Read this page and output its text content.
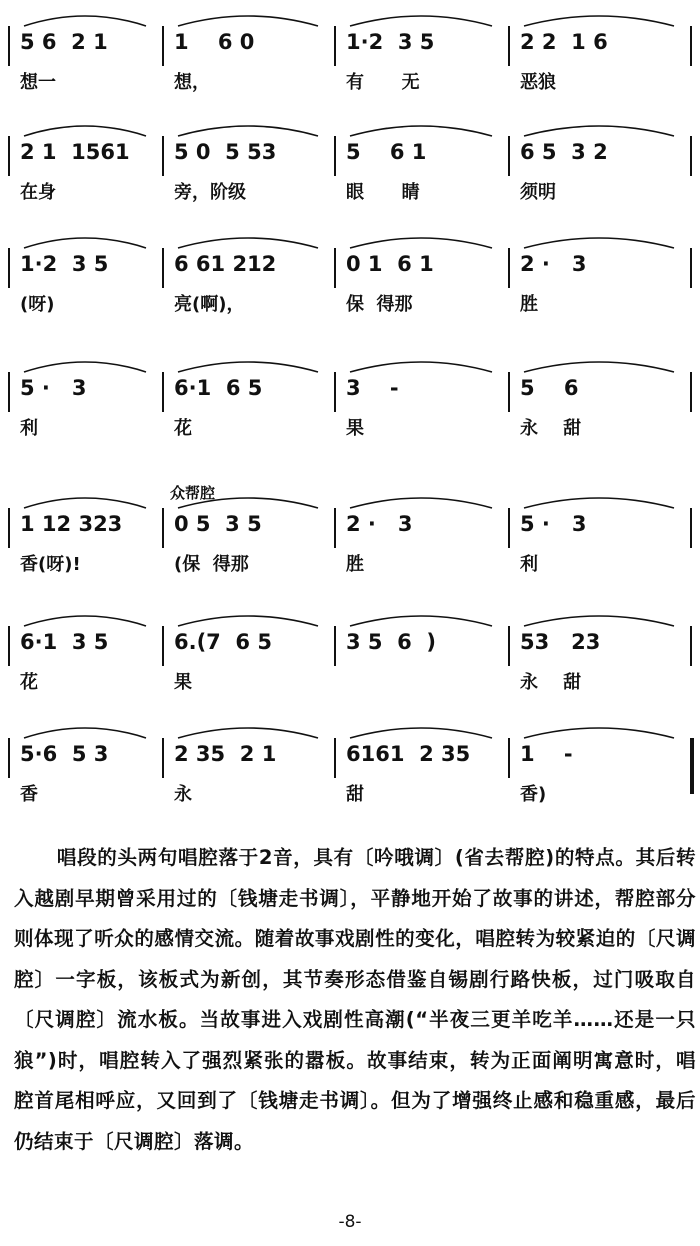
众帮腔
5 6  2 1
想一
1    6 0
想，
1·2  3 5
有      无
2 2  1 6
恶狼
2 1  1561
在身
5 0  5 53
旁，阶级
5    6 1
眼      睛
6 5  3 2
须明
1·2  3 5
(呀)
6 61 212
亮(啊)，
0 1  6 1
保  得那
2 ·   3
胜
5 ·   3
利
6·1  6 5
花
3    -
果
5    6
永    甜
1 12 323
香(呀)!
0 5  3 5
(保  得那
2 ·   3
胜
5 ·   3
利
6·1  3 5
花
6.(7  6 5
果
3 5  6  )	53   23
永    甜
5·6  5 3
香
2 35  2 1
永
6161  2 35
甜
1    -
香)

唱段的头两句唱腔落于2音，具有〔吟哦调〕(省去帮腔)的特点。其后转入越剧早期曾采用过的〔钱塘走书调〕，平静地开始了故事的讲述，帮腔部分则体现了听众的感情交流。随着故事戏剧性的变化，唱腔转为较紧迫的〔尺调腔〕一字板，该板式为新创，其节奏形态借鉴自锡剧行路快板，过门吸取自〔尺调腔〕流水板。当故事进入戏剧性高潮(“半夜三更羊吃羊……还是一只狼”)时，唱腔转入了强烈紧张的嚣板。故事结束，转为正面阐明寓意时，唱腔首尾相呼应，又回到了〔钱塘走书调〕。但为了增强终止感和稳重感，最后仍结束于〔尺调腔〕落调。

-8-
